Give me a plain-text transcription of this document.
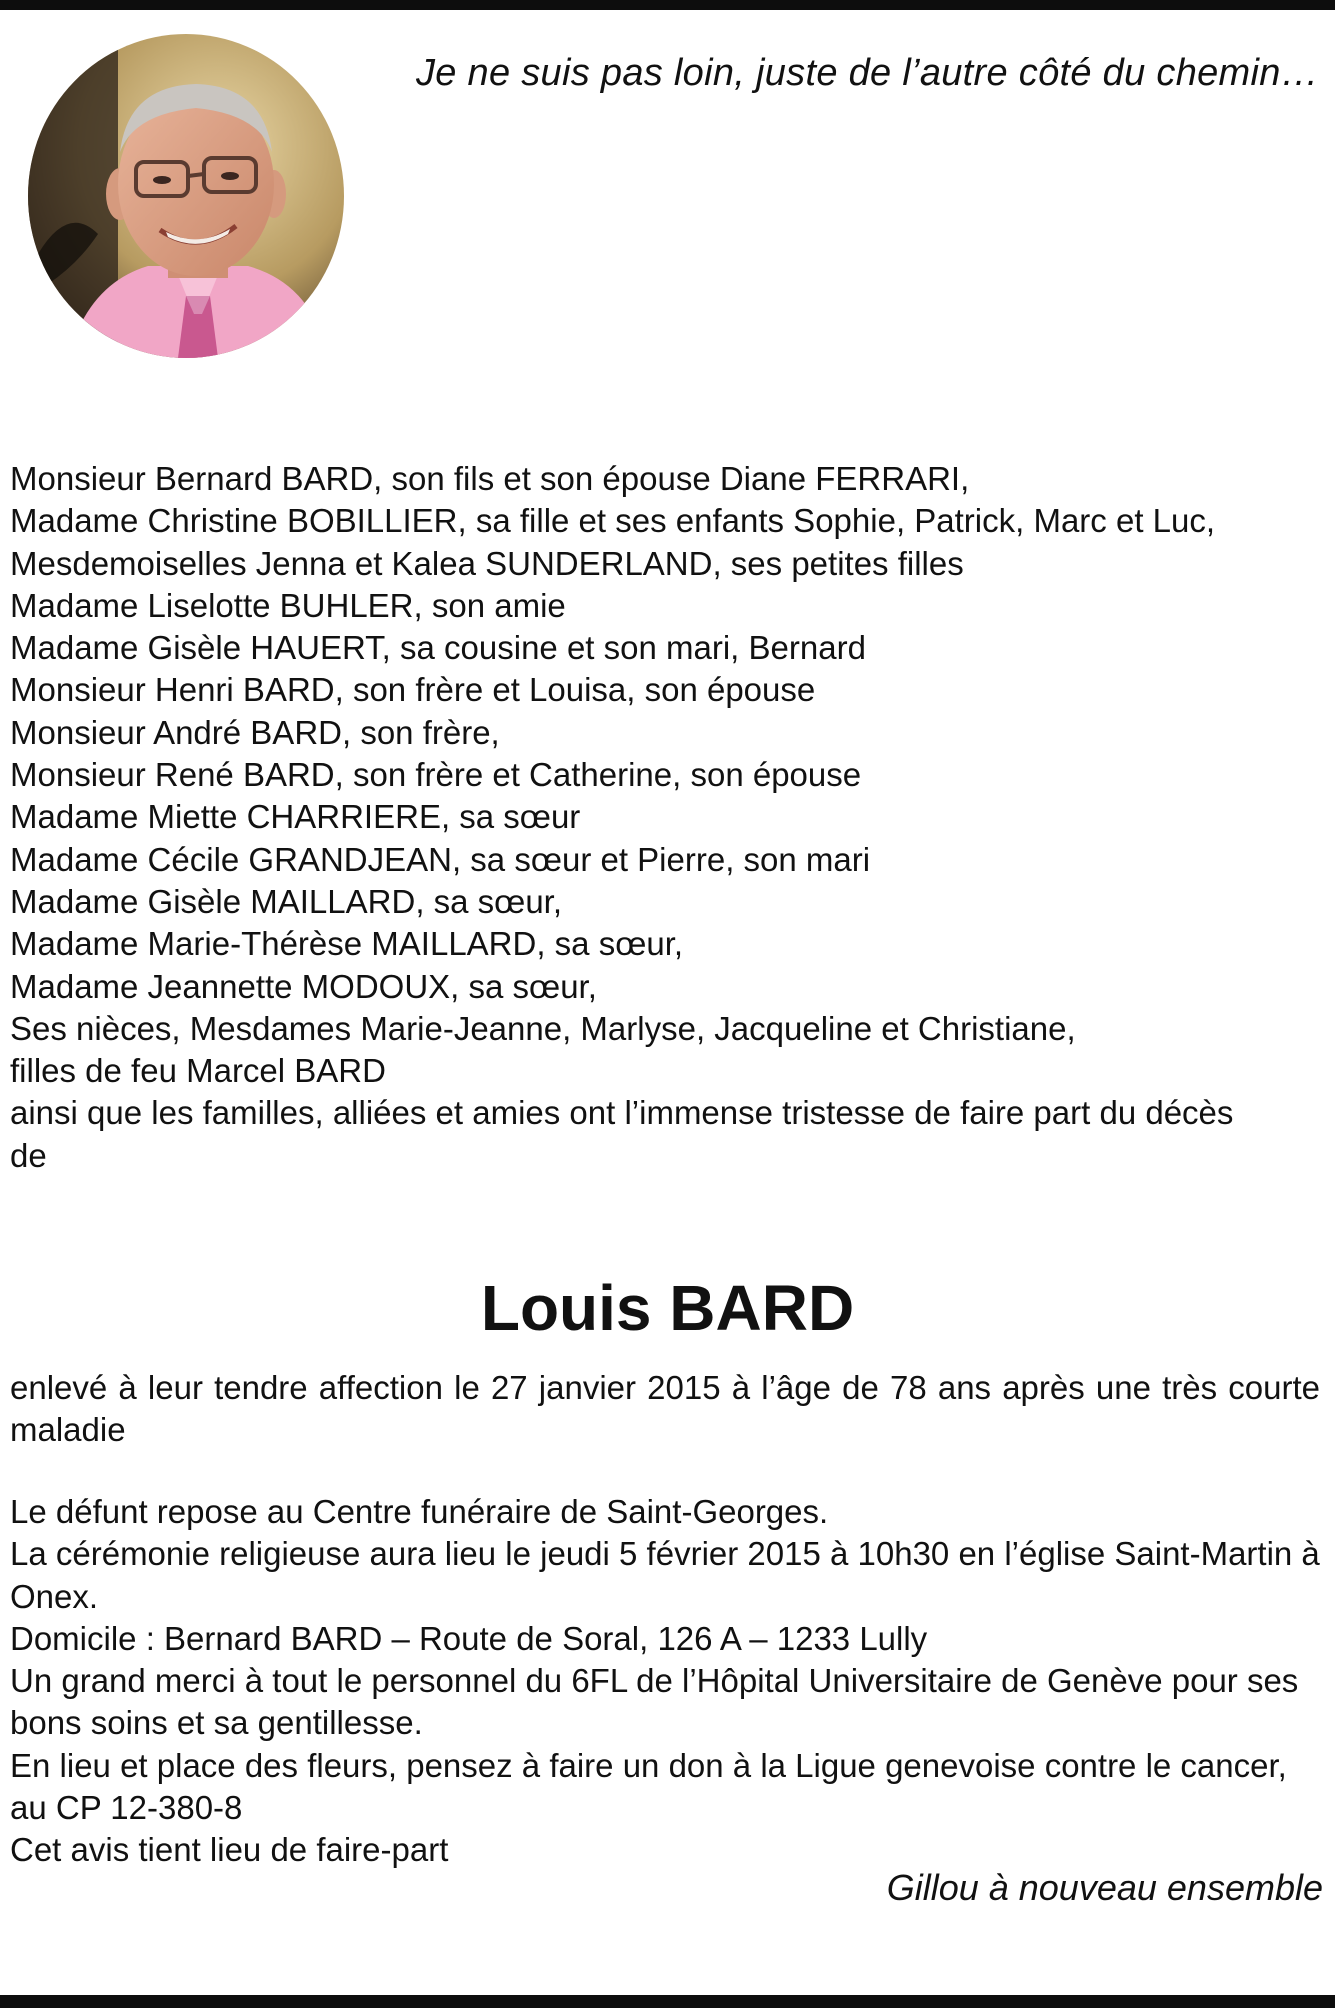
Je ne suis pas loin, juste de l’autre côté du chemin…
Monsieur Bernard BARD, son fils et son épouse Diane FERRARI,
Madame Christine BOBILLIER, sa fille et ses enfants Sophie, Patrick, Marc et Luc,
Mesdemoiselles Jenna et Kalea SUNDERLAND, ses petites filles
Madame Liselotte BUHLER, son amie
Madame Gisèle HAUERT, sa cousine et son mari, Bernard
Monsieur Henri BARD, son frère et Louisa, son épouse
Monsieur André BARD, son frère,
Monsieur René BARD, son frère et Catherine, son épouse
Madame Miette CHARRIERE, sa sœur
Madame Cécile GRANDJEAN, sa sœur et Pierre, son mari
Madame Gisèle MAILLARD, sa sœur,
Madame Marie-Thérèse MAILLARD, sa sœur,
Madame Jeannette MODOUX, sa sœur,
Ses nièces, Mesdames Marie-Jeanne, Marlyse, Jacqueline et Christiane,
filles de feu Marcel BARD
ainsi que les familles, alliées et amies ont l’immense tristesse de faire part du décès
de
Louis BARD

enlevé à leur tendre affection le 27 janvier 2015 à l’âge de 78 ans après une très courte maladie

Le défunt repose au Centre funéraire de Saint-Georges.
La cérémonie religieuse aura lieu le jeudi 5 février 2015 à 10h30 en l’église Saint-Martin à Onex.
Domicile : Bernard BARD – Route de Soral, 126 A – 1233 Lully
Un grand merci à tout le personnel du 6FL de l’Hôpital Universitaire de Genève pour ses bons soins et sa gentillesse.
En lieu et place des fleurs, pensez à faire un don à la Ligue genevoise contre le cancer, au CP 12-380-8
Cet avis tient lieu de faire-part
Gillou à nouveau ensemble
